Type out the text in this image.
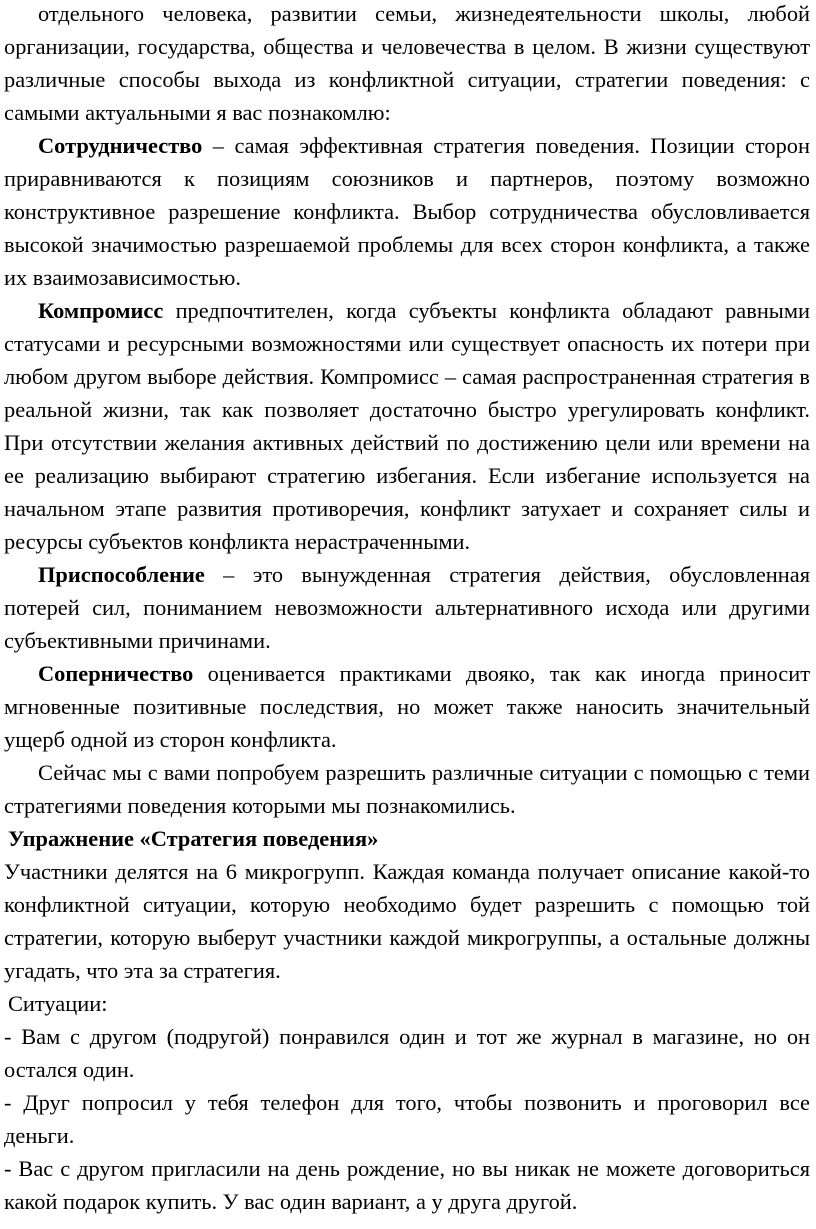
отдельного человека, развитии семьи, жизнедеятельности школы, любой организации, государства, общества и человечества в целом. В жизни существуют различные способы выхода из конфликтной ситуации, стратегии поведения: с самыми актуальными я вас познакомлю:

Сотрудничество – самая эффективная стратегия поведения. Позиции сторон приравниваются к позициям союзников и партнеров, поэтому возможно конструктивное разрешение конфликта. Выбор сотрудничества обусловливается высокой значимостью разрешаемой проблемы для всех сторон конфликта, а также их взаимозависимостью.

Компромисс предпочтителен, когда субъекты конфликта обладают равными статусами и ресурсными возможностями или существует опасность их потери при любом другом выборе действия. Компромисс – самая распространенная стратегия в реальной жизни, так как позволяет достаточно быстро урегулировать конфликт. При отсутствии желания активных действий по достижению цели или времени на ее реализацию выбирают стратегию избегания. Если избегание используется на начальном этапе развития противоречия, конфликт затухает и сохраняет силы и ресурсы субъектов конфликта нерастраченными.

Приспособление – это вынужденная стратегия действия, обусловленная потерей сил, пониманием невозможности альтернативного исхода или другими субъективными причинами.

Соперничество оценивается практиками двояко, так как иногда приносит мгновенные позитивные последствия, но может также наносить значительный ущерб одной из сторон конфликта.

Сейчас мы с вами попробуем разрешить различные ситуации с помощью с теми стратегиями поведения которыми мы познакомились.

Упражнение «Стратегия поведения»

Участники делятся на 6 микрогрупп. Каждая команда получает описание какой-то конфликтной ситуации, которую необходимо будет разрешить с помощью той стратегии, которую выберут участники каждой микрогруппы, а остальные должны угадать, что эта за стратегия.

Ситуации:

- Вам с другом (подругой) понравился один и тот же журнал в магазине, но он остался один.

- Друг попросил у тебя телефон для того, чтобы позвонить и проговорил все деньги.

- Вас с другом пригласили на день рождение, но вы никак не можете договориться какой подарок купить. У вас один вариант, а у друга другой.
